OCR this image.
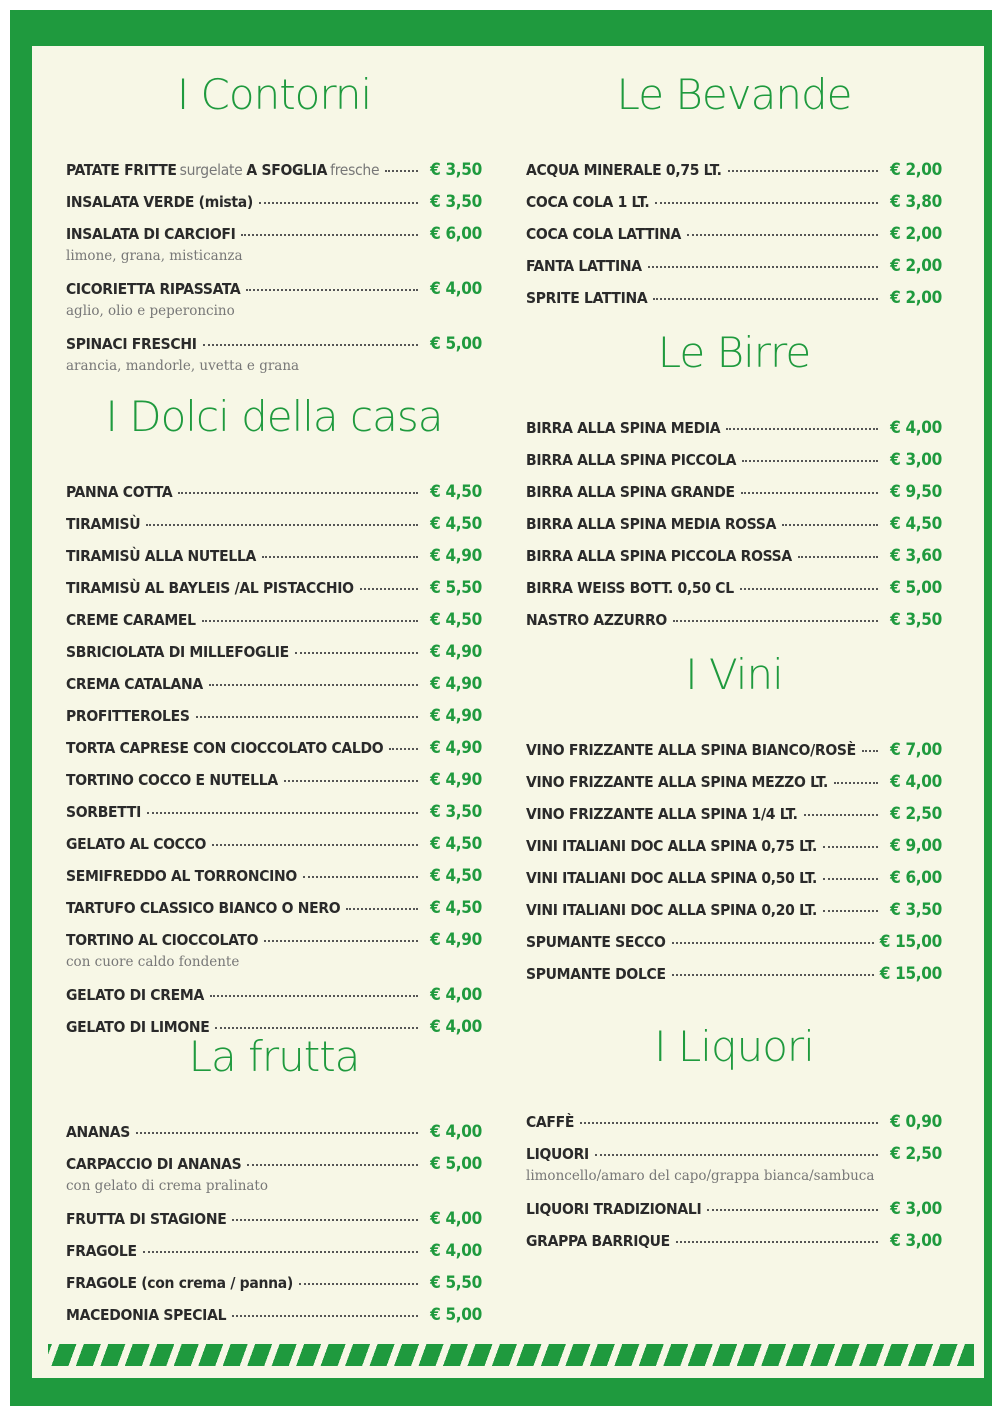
I Contorni
PATATE FRITTE surgelate A SFOGLIA fresche	€ 3,50
INSALATA VERDE (mista)	€ 3,50
INSALATA DI CARCIOFI	€ 6,00
limone, grana, misticanza
CICORIETTA RIPASSATA	€ 4,00
aglio, olio e peperoncino
SPINACI FRESCHI	€ 5,00
arancia, mandorle, uvetta e grana
I Dolci della casa
PANNA COTTA	€ 4,50
TIRAMISÙ	€ 4,50
TIRAMISÙ ALLA NUTELLA	€ 4,90
TIRAMISÙ AL BAYLEIS /AL PISTACCHIO	€ 5,50
CREME CARAMEL	€ 4,50
SBRICIOLATA DI MILLEFOGLIE	€ 4,90
CREMA CATALANA	€ 4,90
PROFITTEROLES	€ 4,90
TORTA CAPRESE CON CIOCCOLATO CALDO	€ 4,90
TORTINO COCCO E NUTELLA	€ 4,90
SORBETTI	€ 3,50
GELATO AL COCCO	€ 4,50
SEMIFREDDO AL TORRONCINO	€ 4,50
TARTUFO CLASSICO BIANCO O NERO	€ 4,50
TORTINO AL CIOCCOLATO	€ 4,90
con cuore caldo fondente
GELATO DI CREMA	€ 4,00
GELATO DI LIMONE	€ 4,00
La frutta
ANANAS	€ 4,00
CARPACCIO DI ANANAS	€ 5,00
con gelato di crema pralinato
FRUTTA DI STAGIONE	€ 4,00
FRAGOLE	€ 4,00
FRAGOLE (con crema / panna)	€ 5,50
MACEDONIA SPECIAL	€ 5,00
Le Bevande
ACQUA MINERALE 0,75 LT.	€ 2,00
COCA COLA 1 LT.	€ 3,80
COCA COLA LATTINA	€ 2,00
FANTA LATTINA	€ 2,00
SPRITE LATTINA	€ 2,00
Le Birre
BIRRA ALLA SPINA MEDIA	€ 4,00
BIRRA ALLA SPINA PICCOLA	€ 3,00
BIRRA ALLA SPINA GRANDE	€ 9,50
BIRRA ALLA SPINA MEDIA ROSSA	€ 4,50
BIRRA ALLA SPINA PICCOLA ROSSA	€ 3,60
BIRRA WEISS BOTT. 0,50 CL	€ 5,00
NASTRO AZZURRO	€ 3,50
I Vini
VINO FRIZZANTE ALLA SPINA BIANCO/ROSÈ	€ 7,00
VINO FRIZZANTE ALLA SPINA MEZZO LT.	€ 4,00
VINO FRIZZANTE ALLA SPINA 1/4 LT.	€ 2,50
VINI ITALIANI DOC ALLA SPINA 0,75 LT.	€ 9,00
VINI ITALIANI DOC ALLA SPINA 0,50 LT.	€ 6,00
VINI ITALIANI DOC ALLA SPINA 0,20 LT.	€ 3,50
SPUMANTE SECCO	€ 15,00
SPUMANTE DOLCE	€ 15,00
I Liquori
CAFFÈ	€ 0,90
LIQUORI	€ 2,50
limoncello/amaro del capo/grappa bianca/sambuca
LIQUORI TRADIZIONALI	€ 3,00
GRAPPA BARRIQUE	€ 3,00
